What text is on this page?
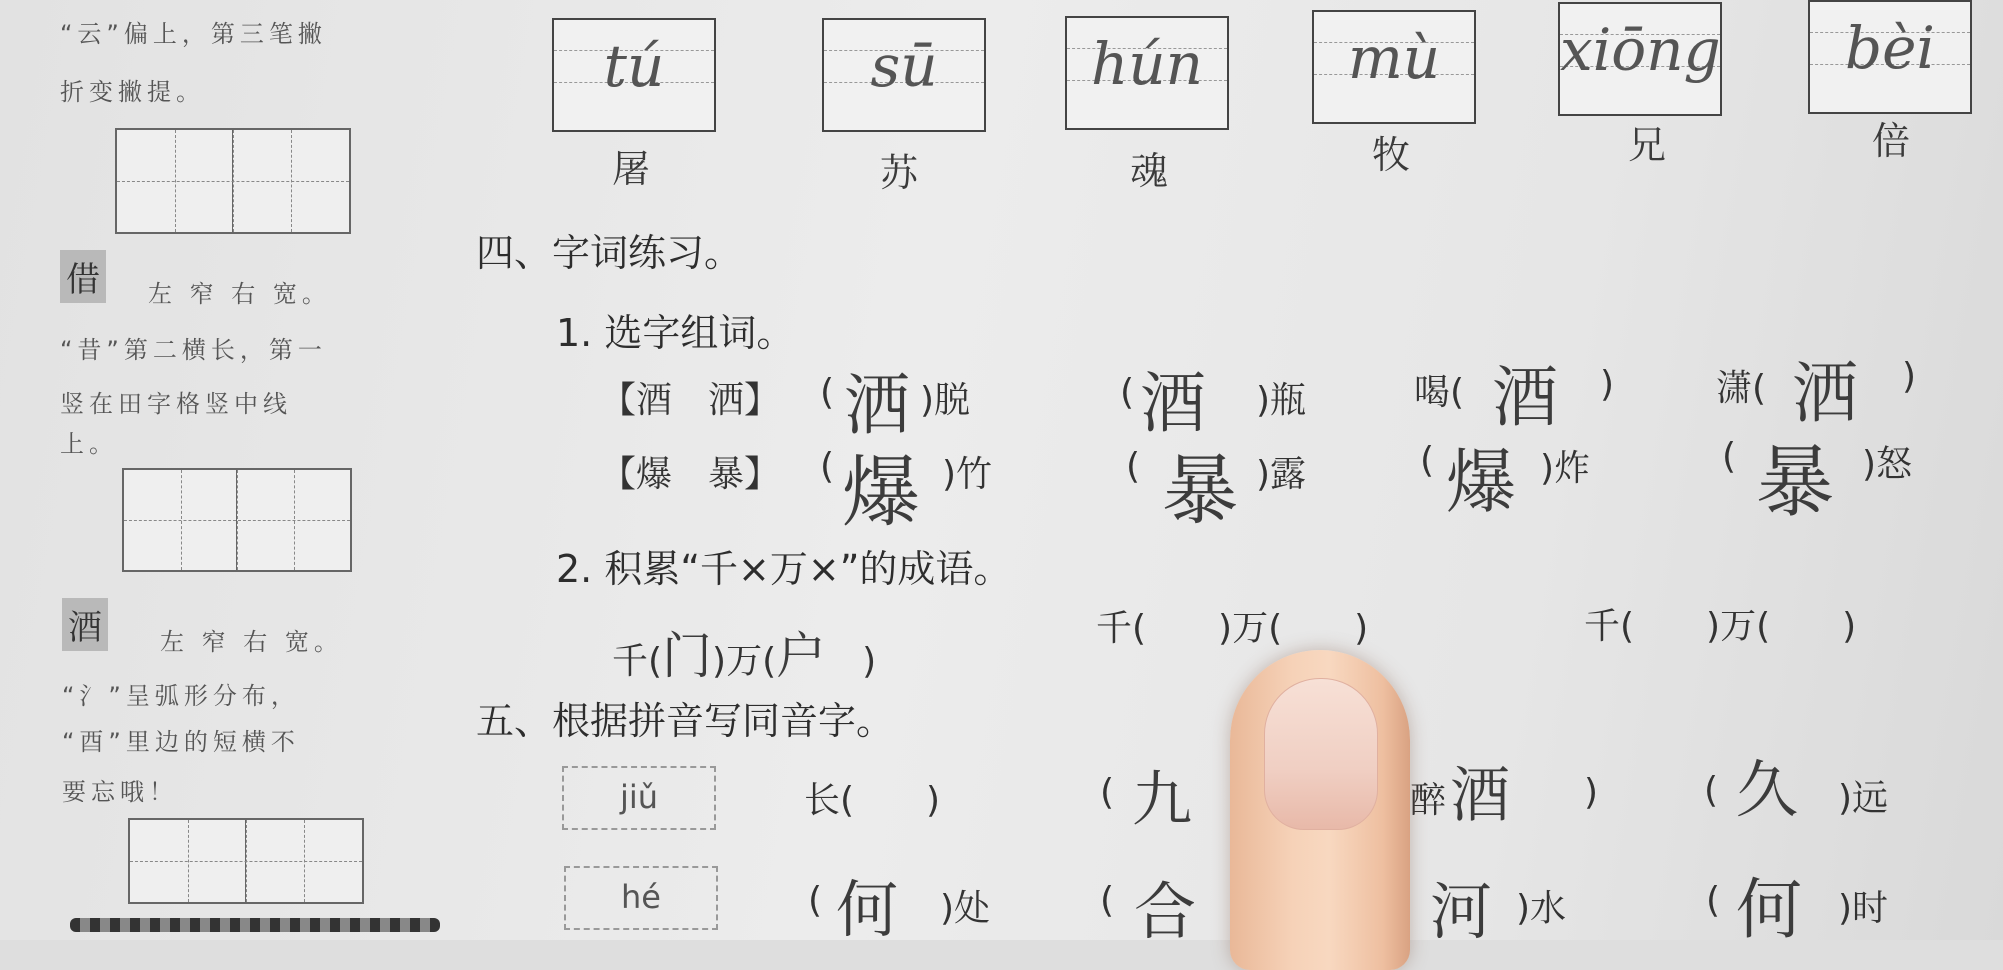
“云”偏上，第三笔撇
折变撇提。
借 左 窄 右 宽。
“昔”第二横长，第一
竖在田字格竖中线
上。
酒 左 窄 右 宽。
“氵”呈弧形分布，
“酉”里边的短横不
要忘哦！
tú
屠
sū
苏
hún
魂
mù
牧
xiōng
兄
bèi
倍
四、字词练习。
1. 选字组词。
【酒　洒】 ( 洒 )脱	( 酒 )瓶	喝( 酒 )	潇( 洒 )
【爆　暴】 ( 爆 )竹	( 暴 )露	( 爆 )炸	( 暴 )怒
2. 积累“千×万×”的成语。
千(门)万(户　 )
千(　　)万(　　)	千(　　)万(　　)
五、根据拼音写同音字。
jiǔ	长(　　)	( 九	醉 酒 )	( 久 )远
hé	( 何 )处	( 合	河 )水	( 何 )时
